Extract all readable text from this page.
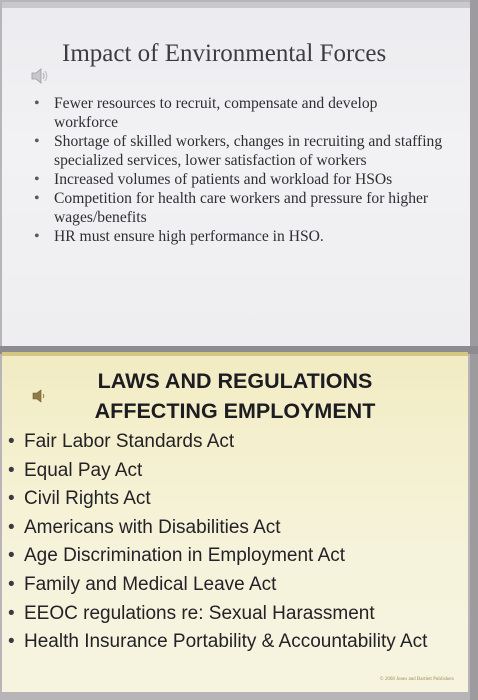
Impact of Environmental Forces
• Fewer resources to recruit, compensate and develop workforce
• Shortage of skilled workers, changes in recruiting and staffing specialized services, lower satisfaction of workers
• Increased volumes of patients and workload for HSOs
• Competition for health care workers and pressure for higher wages/benefits
• HR must ensure high performance in HSO.
LAWS AND REGULATIONS
AFFECTING EMPLOYMENT
• Fair Labor Standards Act
• Equal Pay Act
• Civil Rights Act
• Americans with Disabilities Act
• Age Discrimination in Employment Act
• Family and Medical Leave Act
• EEOC regulations re: Sexual Harassment
• Health Insurance Portability & Accountability Act
© 2008 Jones and Bartlett Publishers
